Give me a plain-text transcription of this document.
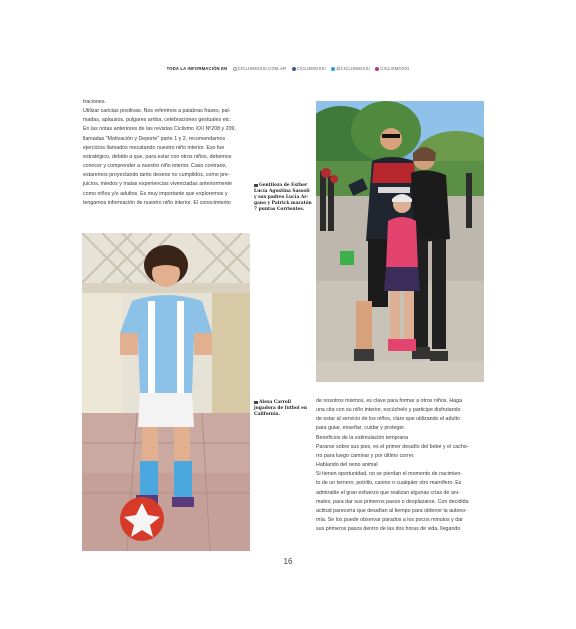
TODA LA INFORMACIÓN EN CICLISMOXXI.COM.AR CICLISMOXXI @CICLISMOXXI CICLISMOXXI

traciones.

Utilizar caricias positivas. Nos referimos a palabras frases, pal-

madas, aplausos, pulgares arriba, celebraciones gestuales etc.

En las notas anteriores de las revistas Ciclismo XXI Nº208 y 209,

llamadas "Motivación y Deporte" parte 1 y 2, recomendamos

ejercicios llamados rescatando nuestro niño interior. Eso fue

estratégico, debido a que, para estar con otros niños, debemos

conocer y comprender a nuestro niño interior. Caso contrario,

estaremos proyectando tanto deseos no cumplidos, como pre-

juicios, miedos y malas experiencias vivenciadas anteriormente

como niños y/o adultos. Es muy importante que exploremos y

tengamos información de nuestro niño interior. El conocimiento

de nosotros mismos, es clave para formar a otros niños. Haga

una cita con su niño interior, escúchelo y participe disfrutando

de estar al servicio de los niños, claro que utilizando el adulto

para guiar, enseñar, cuidar y proteger.

Beneficios de la estimulación temprana

Pararse sobre sus pies, es el primer desafío del bebé y el cacho-

rro para luego caminar y por último correr.

Hablando del reino animal

Si tienen oportunidad, no se pierdan el momento de nacimien-

to de un ternero, potrillo, canino o cualquier otro mamífero. Es

admirable el gran esfuerzo que realizan algunas crías de ani-

males, para dar sus primeros pasos o desplazarse. Con decidida

actitud parecería que desafían al tiempo para obtener la autono-

mía. Se los puede observar parados a los pocos minutos y dar

sus primeros pasos dentro de las dos horas de vida, llegando

Gentileza de Esther

Lucía Agustina Sassoli

y sus padres Lucía Ar-

gano y Patrick maratón

7 puntas Corrientes.

Alexa Carroll

jugadora de futbol en

California.

16
